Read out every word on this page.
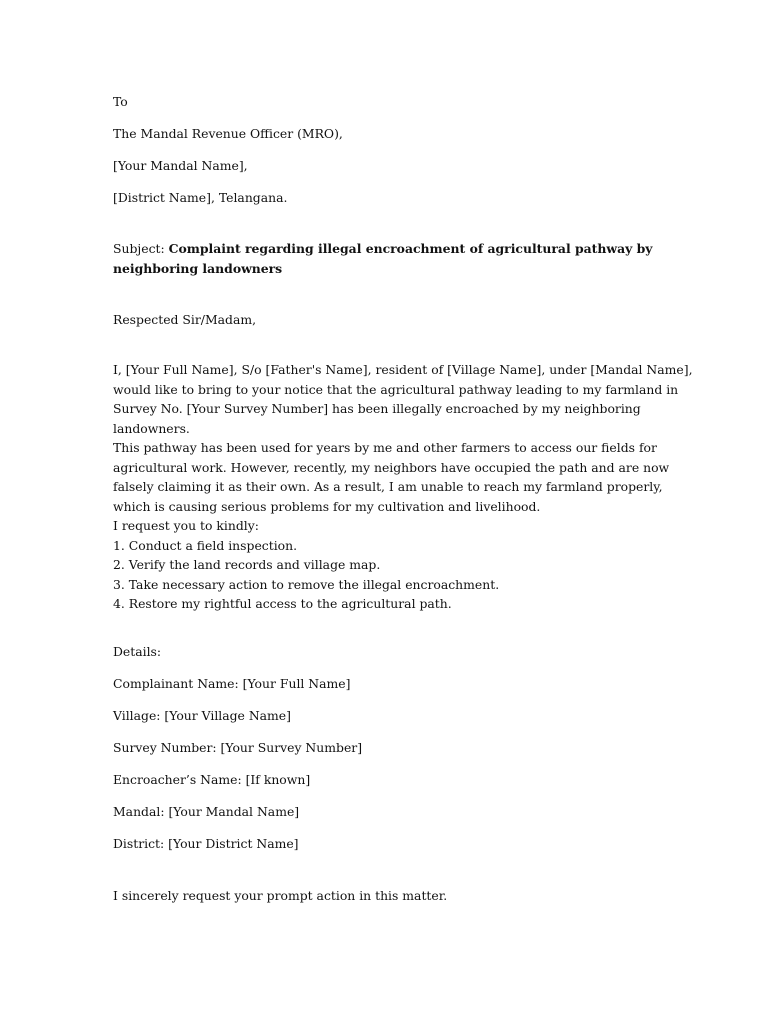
To
The Mandal Revenue Officer (MRO),
[Your Mandal Name],
[District Name], Telangana.
Subject: Complaint regarding illegal encroachment of agricultural pathway by
neighboring landowners
Respected Sir/Madam,
I, [Your Full Name], S/o [Father's Name], resident of [Village Name], under [Mandal Name],
would like to bring to your notice that the agricultural pathway leading to my farmland in
Survey No. [Your Survey Number] has been illegally encroached by my neighboring
landowners.
This pathway has been used for years by me and other farmers to access our fields for
agricultural work. However, recently, my neighbors have occupied the path and are now
falsely claiming it as their own. As a result, I am unable to reach my farmland properly,
which is causing serious problems for my cultivation and livelihood.
I request you to kindly:
1. Conduct a field inspection.
2. Verify the land records and village map.
3. Take necessary action to remove the illegal encroachment.
4. Restore my rightful access to the agricultural path.
Details:
Complainant Name: [Your Full Name]
Village: [Your Village Name]
Survey Number: [Your Survey Number]
Encroacher’s Name: [If known]
Mandal: [Your Mandal Name]
District: [Your District Name]
I sincerely request your prompt action in this matter.
